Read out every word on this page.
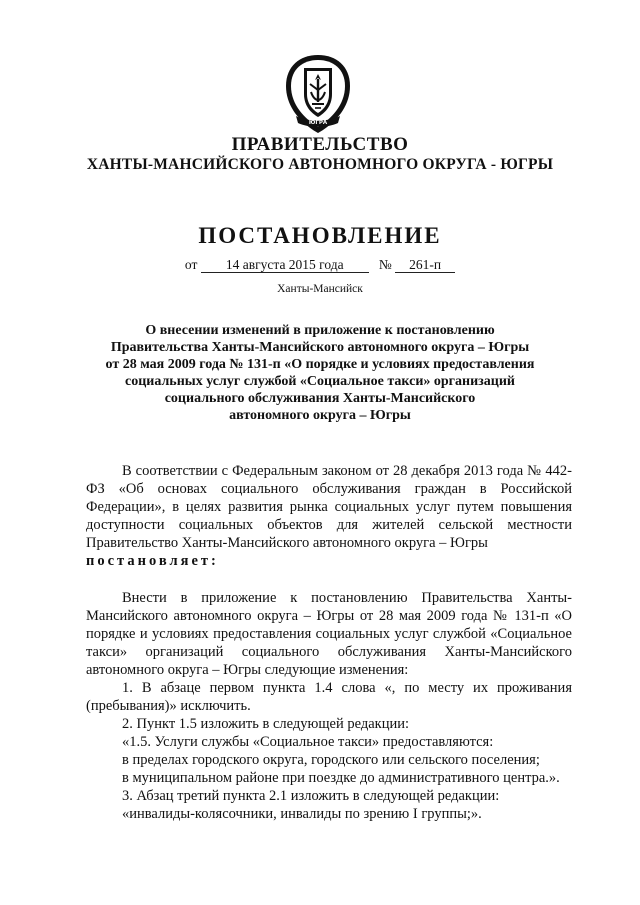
ЮГРА
ПРАВИТЕЛЬСТВО
ХАНТЫ-МАНСИЙСКОГО АВТОНОМНОГО ОКРУГА - ЮГРЫ
ПОСТАНОВЛЕНИЕ
от 14 августа 2015 года	№ 261-п
Ханты-Мансийск
О внесении изменений в приложение к постановлению
Правительства Ханты-Мансийского автономного округа – Югры
от 28 мая 2009 года № 131-п «О порядке и условиях предоставления
социальных услуг службой «Социальное такси» организаций
социального обслуживания Ханты-Мансийского
автономного округа – Югры
В соответствии с Федеральным законом от 28 декабря 2013 года № 442-ФЗ «Об основах социального обслуживания граждан в Российской Федерации», в целях развития рынка социальных услуг путем повышения доступности социальных объектов для жителей сельской местности Правительство Ханты-Мансийского автономного округа – Югры
постановляет:
Внести в приложение к постановлению Правительства Ханты-Мансийского автономного округа – Югры от 28 мая 2009 года № 131-п «О порядке и условиях предоставления социальных услуг службой «Социальное такси» организаций социального обслуживания Ханты-Мансийского автономного округа – Югры следующие изменения:
1. В абзаце первом пункта 1.4 слова «, по месту их проживания (пребывания)» исключить.
2. Пункт 1.5 изложить в следующей редакции:
«1.5. Услуги службы «Социальное такси» предоставляются:
в пределах городского округа, городского или сельского поселения;
в муниципальном районе при поездке до административного центра.».
3. Абзац третий пункта 2.1 изложить в следующей редакции:
«инвалиды-колясочники, инвалиды по зрению I группы;».
